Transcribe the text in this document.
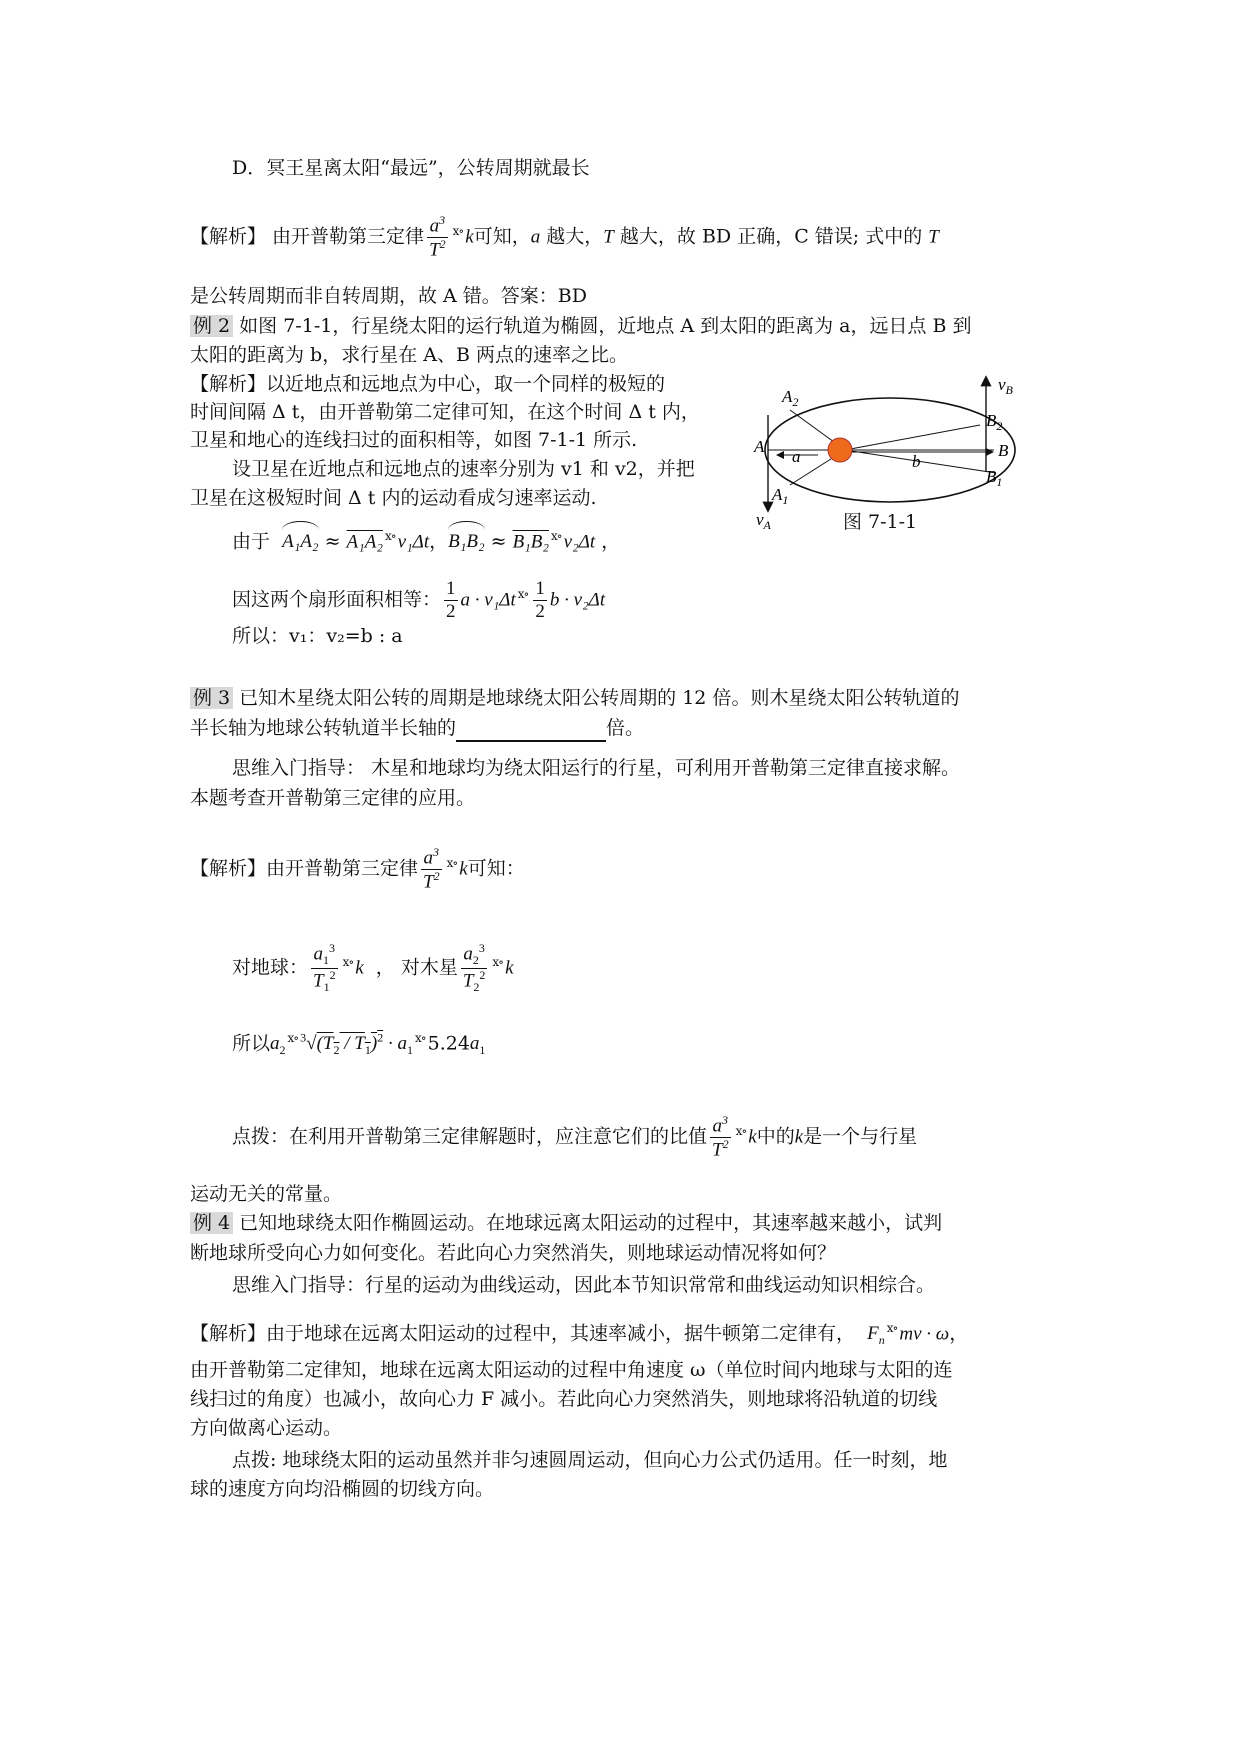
D．冥王星离太阳“最远”，公转周期就最长
【解析】 由开普勒第三定律 $\frac{a^3}{T^2} ^{ⅹ\circ}$ k可知，a 越大，T 越大，故 BD 正确，C 错误; 式中的 T
是公转周期而非自转周期，故 A 错。答案：BD
例 2 如图 7-1-1，行星绕太阳的运行轨道为椭圆，近地点 A 到太阳的距离为 a，远日点 B 到
太阳的距离为 b，求行星在 A、B 两点的速率之比。
【解析】以近地点和远地点为中心，取一个同样的极短的
时间间隔 Δ t，由开普勒第二定律可知，在这个时间 Δ t 内，
卫星和地心的连线扫过的面积相等，如图 7-1-1 所示.
设卫星在近地点和远地点的速率分别为 v1 和 v2，并把
卫星在这极短时间 Δ t 内的运动看成匀速率运动.
由于 A₁A₂ ≈ A₁A₂ $^{ⅹ\circ}$ v₁Δt，B₁B₂ ≈ B₁B₂ $^{ⅹ\circ}$ v₂Δt ，
因这两个扇形面积相等： $\frac{1}{2}$ a · v₁Δt $^{ⅹ\circ} \frac{1}{2}$ b · v₂Δt
所以：v₁：v₂=b : a
$v_B$
$v_A$
A
$A_2$
$A_1$
B
$B_2$
$B_1$
a	b
图 7-1-1
例 3 已知木星绕太阳公转的周期是地球绕太阳公转周期的 12 倍。则木星绕太阳公转轨道的
半长轴为地球公转轨道半长轴的	倍。
思维入门指导： 木星和地球均为绕太阳运行的行星，可利用开普勒第三定律直接求解。
本题考查开普勒第三定律的应用。
【解析】由开普勒第三定律 $\frac{a^3}{T^2} ^{ⅹ\circ}$ k可知：
对地球： $\frac{a_1^3}{T_1^2} ^{ⅹ\circ}$ k ， 对木星 $\frac{a_2^3}{T_2^2} ^{ⅹ\circ}$ k
所以$a_2^{ⅹ\circ}$ $^3√(T_2 / T_1)^2 \cdot a_1^{ⅹ\circ}$ $5.24a_1$
点拨：在利用开普勒第三定律解题时，应注意它们的比值 $\frac{a^3}{T^2} ^{ⅹ\circ}$ k中的k是一个与行星
运动无关的常量。
例 4 已知地球绕太阳作椭圆运动。在地球远离太阳运动的过程中，其速率越来越小，试判
断地球所受向心力如何变化。若此向心力突然消失，则地球运动情况将如何？
思维入门指导：行星的运动为曲线运动，因此本节知识常常和曲线运动知识相综合。
【解析】由于地球在远离太阳运动的过程中，其速率减小，据牛顿第二定律有， $F_n^{ⅹ\circ}$ mv · ω，
由开普勒第二定律知，地球在远离太阳运动的过程中角速度 ω（单位时间内地球与太阳的连
线扫过的角度）也减小，故向心力 F 减小。若此向心力突然消失，则地球将沿轨道的切线
方向做离心运动。
点拨: 地球绕太阳的运动虽然并非匀速圆周运动，但向心力公式仍适用。任一时刻，地
球的速度方向均沿椭圆的切线方向。
